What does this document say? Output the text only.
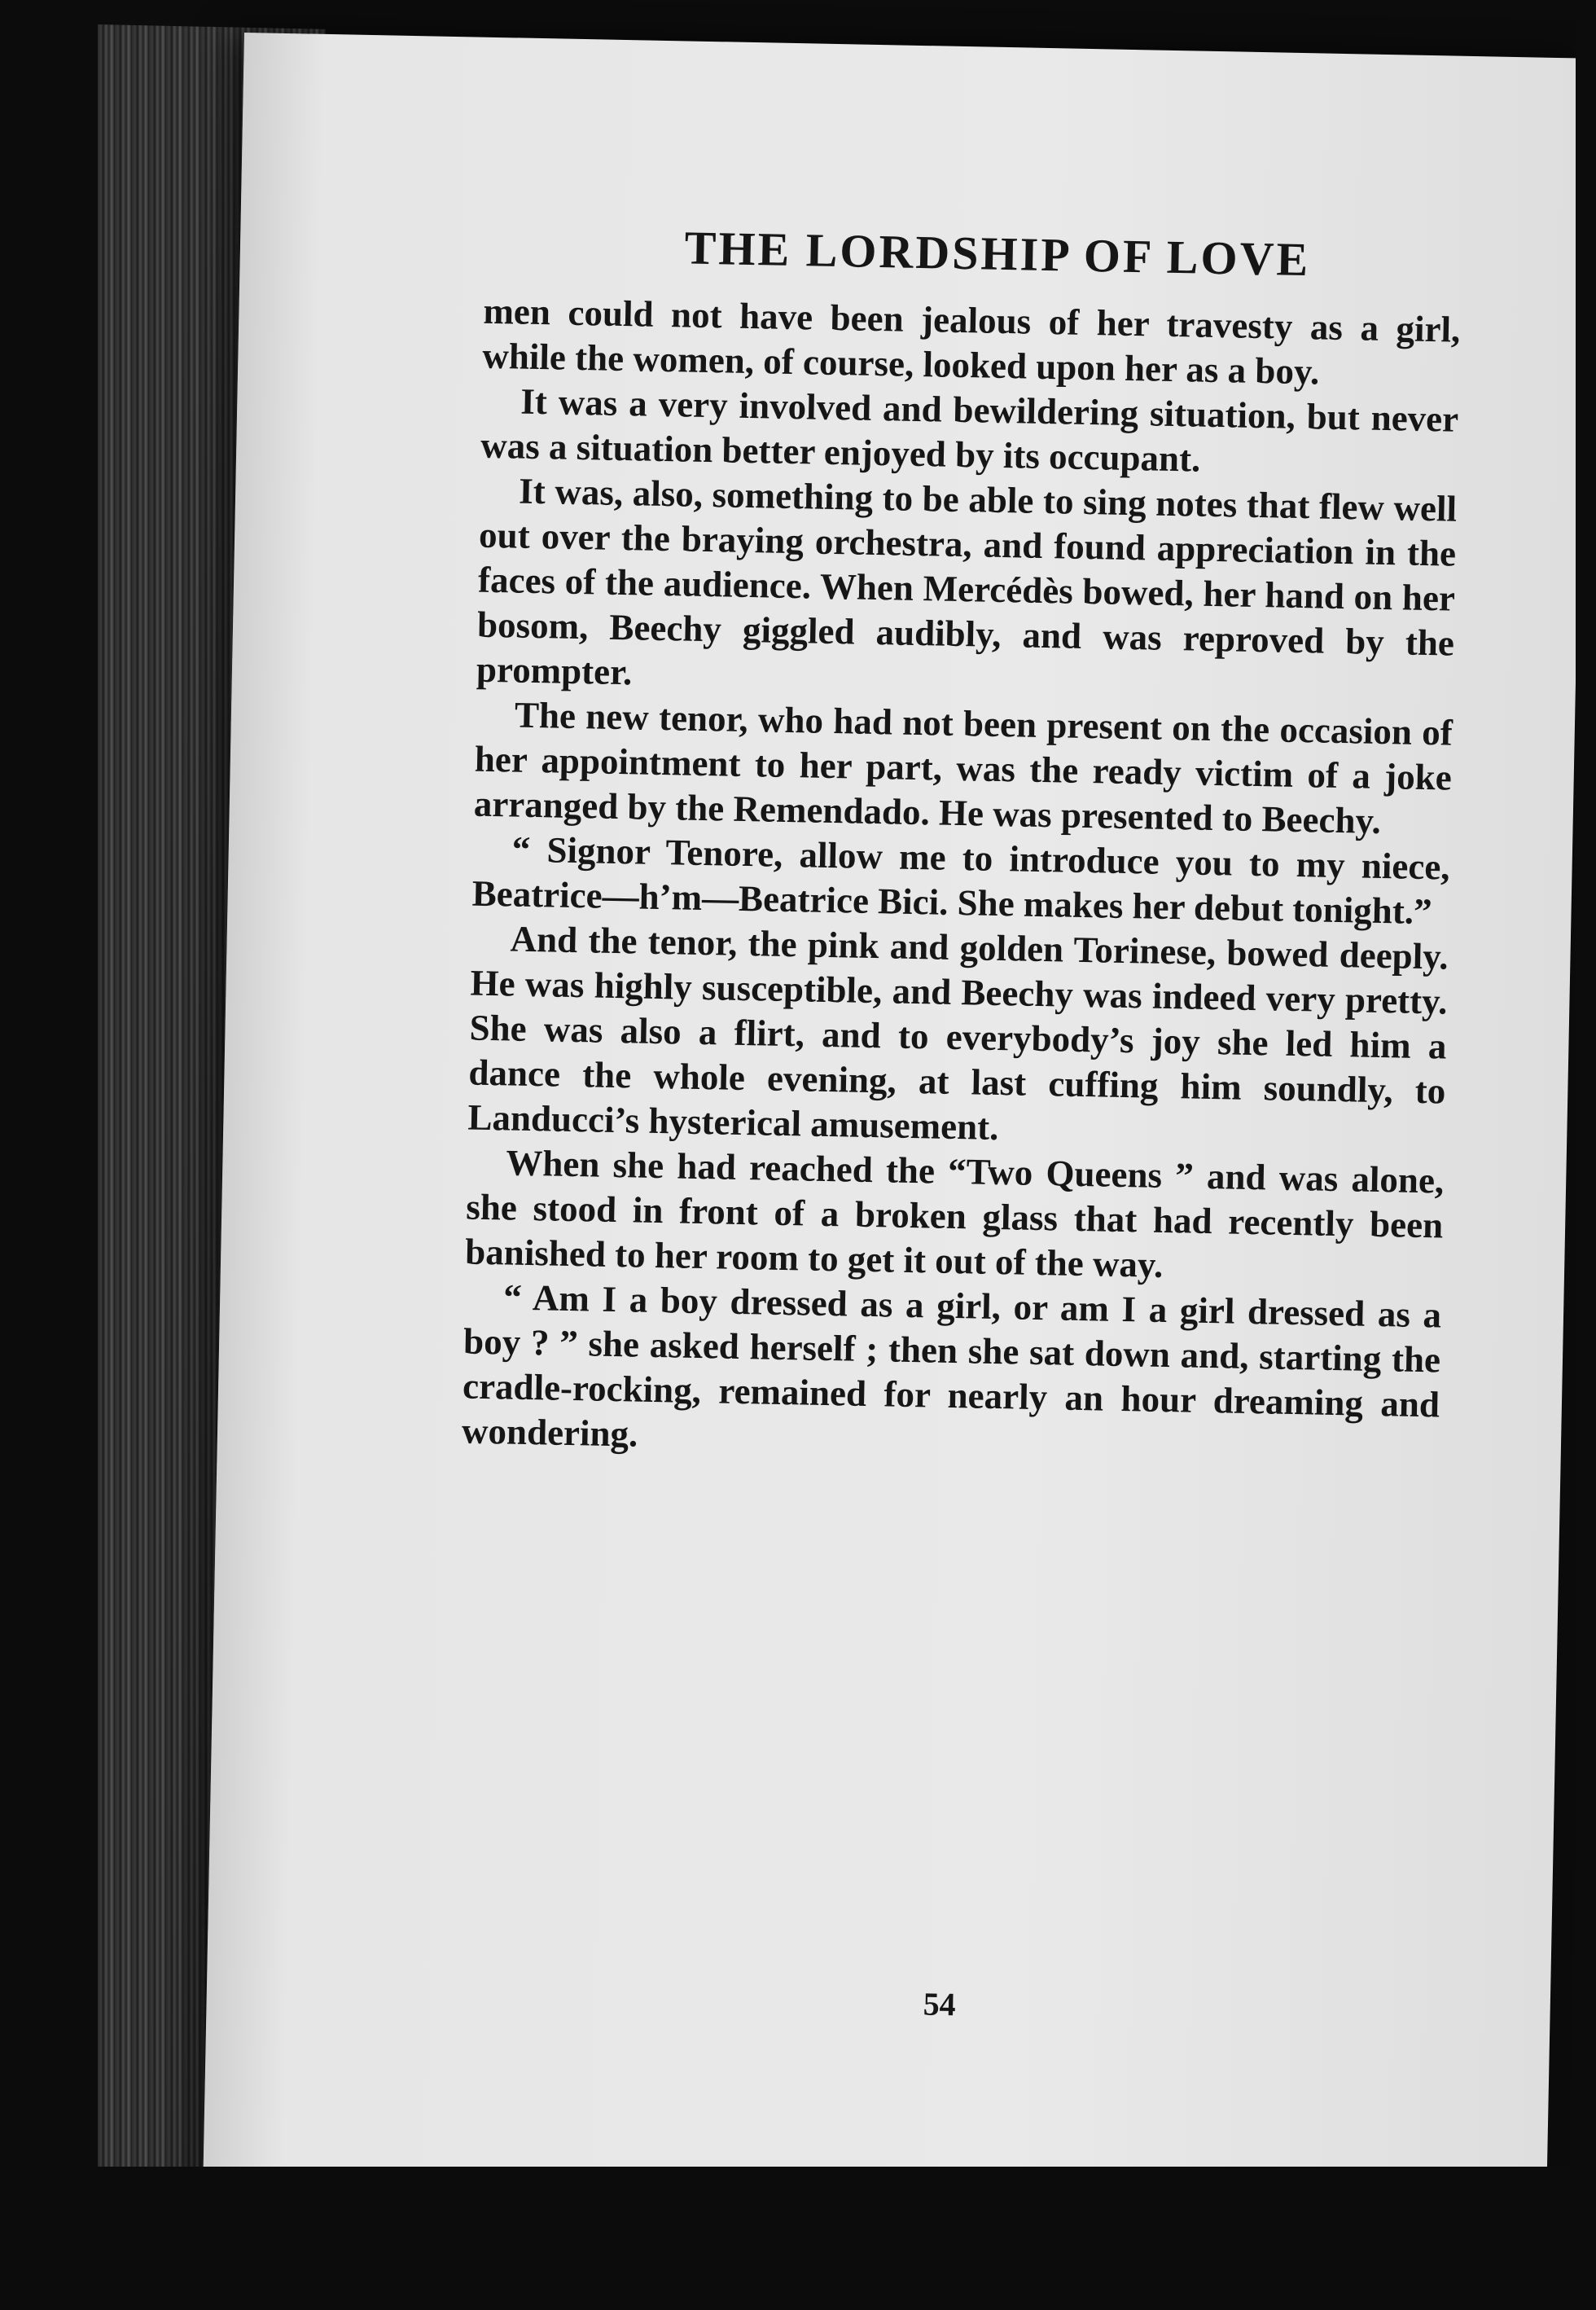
THE LORDSHIP OF LOVE

men could not have been jealous of her travesty as a girl, while the women, of course, looked upon her as a boy.

It was a very involved and bewildering situation, but never was a situation better enjoyed by its occupant.

It was, also, something to be able to sing notes that flew well out over the braying orchestra, and found appreciation in the faces of the audience. When Mercédès bowed, her hand on her bosom, Beechy giggled audibly, and was reproved by the prompter.

The new tenor, who had not been present on the occasion of her appointment to her part, was the ready victim of a joke arranged by the Remendado. He was presented to Beechy.

“ Signor Tenore, allow me to introduce you to my niece, Beatrice—h’m—Beatrice Bici. She makes her debut tonight.”

And the tenor, the pink and golden Torinese, bowed deeply. He was highly susceptible, and Beechy was indeed very pretty. She was also a flirt, and to everybody’s joy she led him a dance the whole evening, at last cuffing him soundly, to Landucci’s hysterical amusement.

When she had reached the “Two Queens ” and was alone, she stood in front of a broken glass that had recently been banished to her room to get it out of the way.

“ Am I a boy dressed as a girl, or am I a girl dressed as a boy ? ” she asked herself ; then she sat down and, starting the cradle-rocking, remained for nearly an hour dreaming and wondering.

54
